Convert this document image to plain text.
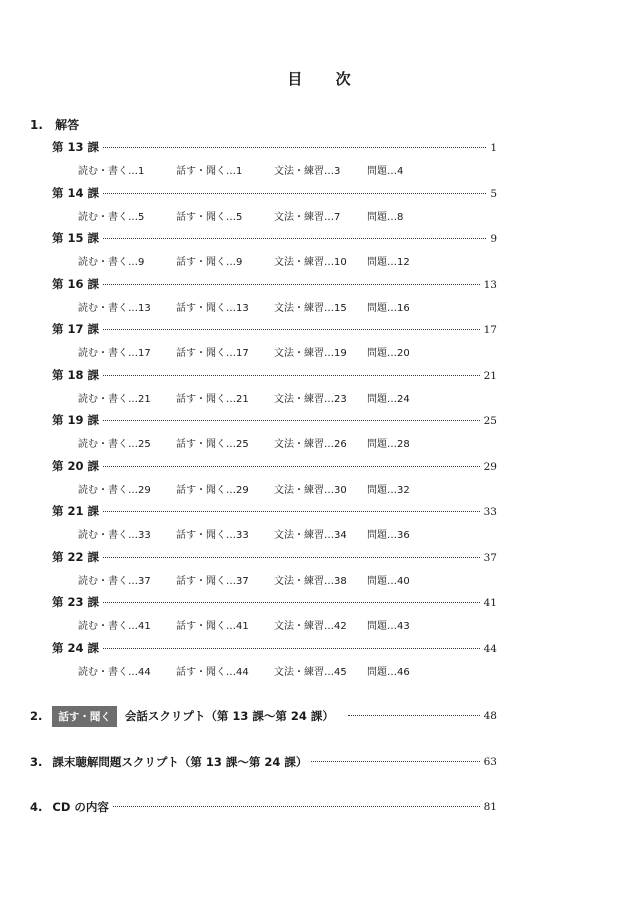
目 次
1. 解答
第 13 課	1
読む・書く…1	話す・聞く…1	文法・練習…3	問題…4
第 14 課	5
読む・書く…5	話す・聞く…5	文法・練習…7	問題…8
第 15 課	9
読む・書く…9	話す・聞く…9	文法・練習…10 問題…12
第 16 課	13
読む・書く…13	話す・聞く…13	文法・練習…15 問題…16
第 17 課	17
読む・書く…17	話す・聞く…17	文法・練習…19 問題…20
第 18 課	21
読む・書く…21	話す・聞く…21	文法・練習…23 問題…24
第 19 課	25
読む・書く…25	話す・聞く…25	文法・練習…26 問題…28
第 20 課	29
読む・書く…29	話す・聞く…29	文法・練習…30 問題…32
第 21 課	33
読む・書く…33	話す・聞く…33	文法・練習…34 問題…36
第 22 課	37
読む・書く…37	話す・聞く…37	文法・練習…38 問題…40
第 23 課	41
読む・書く…41	話す・聞く…41	文法・練習…42 問題…43
第 24 課	44
読む・書く…44	話す・聞く…44	文法・練習…45 問題…46
2.	話す・聞く	会話スクリプト（第 13 課〜第 24 課）	48
3. 課末聴解問題スクリプト（第 13 課〜第 24 課）	63
4. CD の内容	81
